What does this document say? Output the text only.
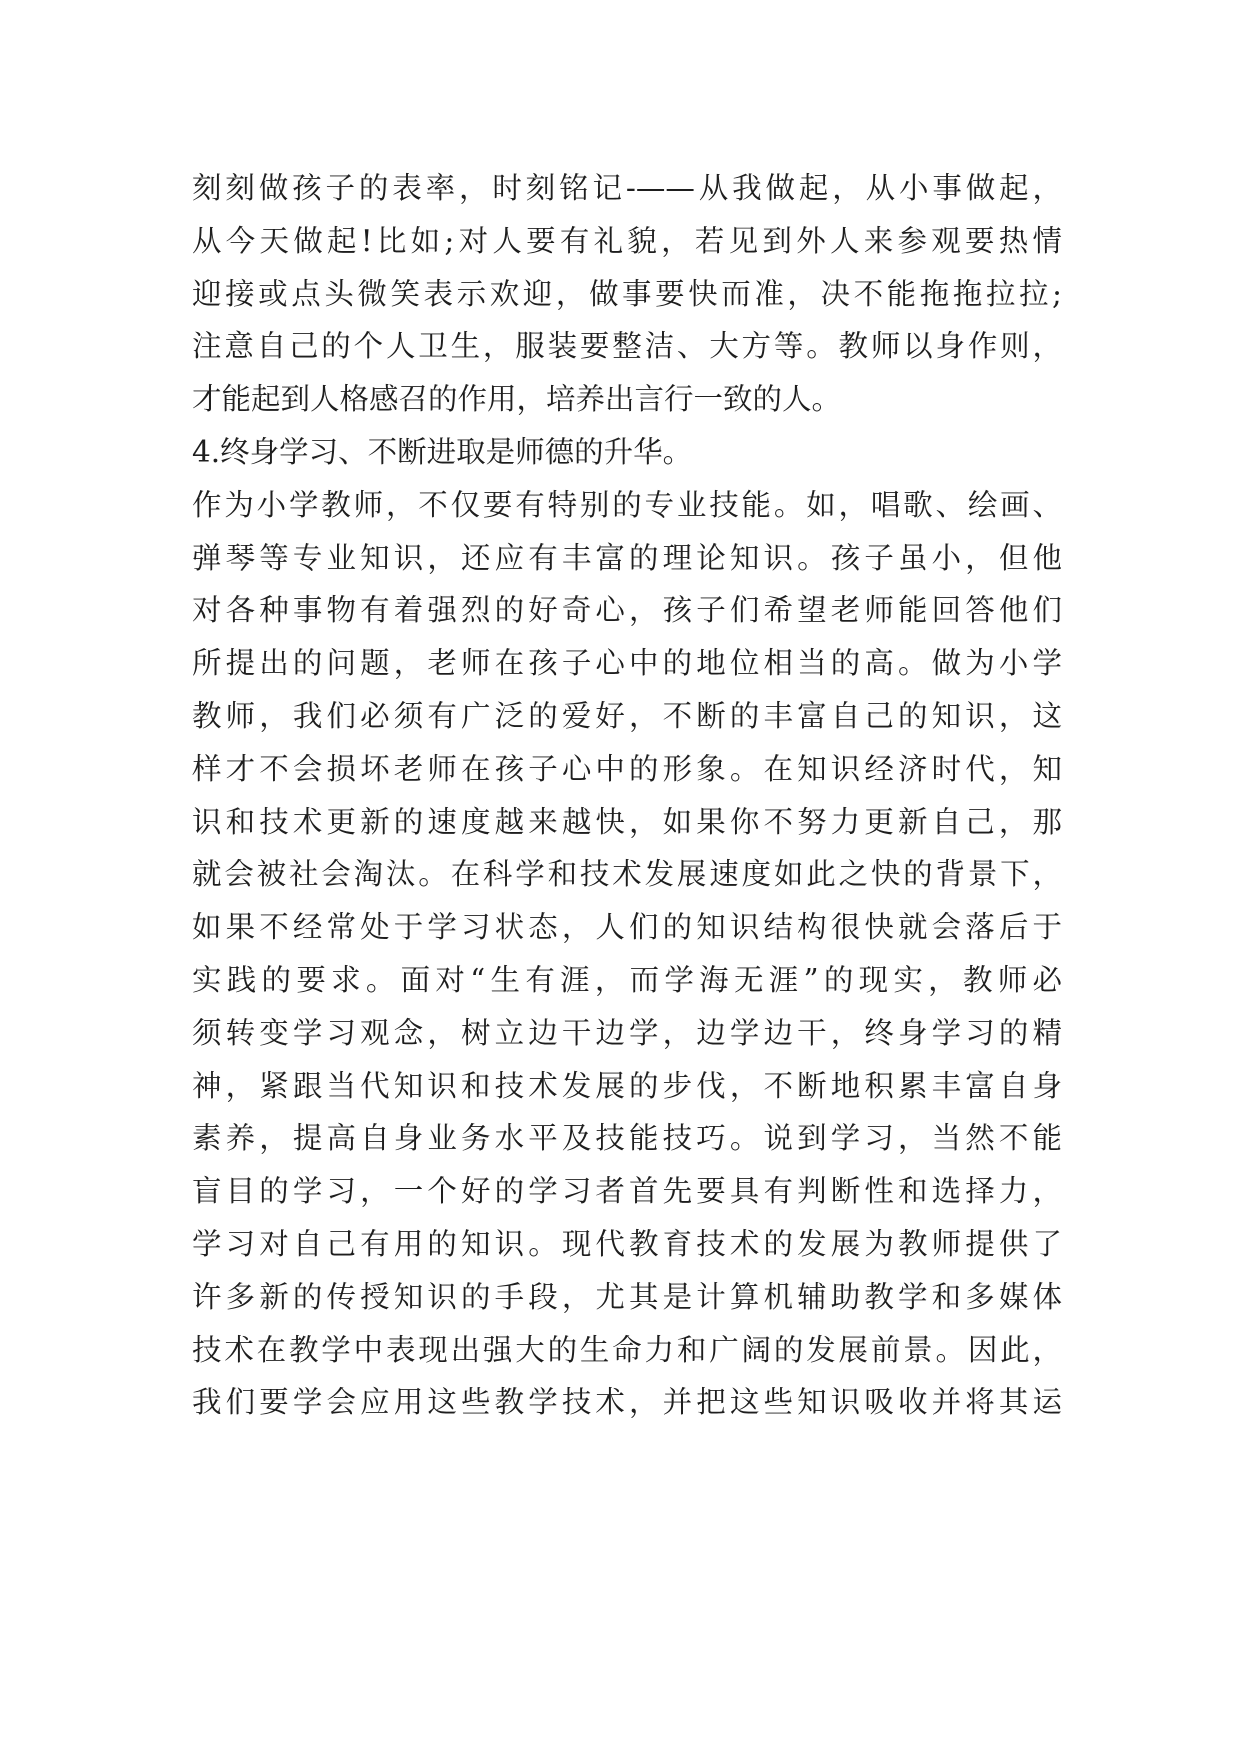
刻刻做孩子的表率，时刻铭记-——从我做起，从小事做起，
从今天做起!比如;对人要有礼貌，若见到外人来参观要热情
迎接或点头微笑表示欢迎，做事要快而准，决不能拖拖拉拉;
注意自己的个人卫生，服装要整洁、大方等。教师以身作则，
才能起到人格感召的作用，培养出言行一致的人。
4.终身学习、不断进取是师德的升华。
作为小学教师，不仅要有特别的专业技能。如，唱歌、绘画、
弹琴等专业知识，还应有丰富的理论知识。孩子虽小，但他
对各种事物有着强烈的好奇心，孩子们希望老师能回答他们
所提出的问题，老师在孩子心中的地位相当的高。做为小学
教师，我们必须有广泛的爱好，不断的丰富自己的知识，这
样才不会损坏老师在孩子心中的形象。在知识经济时代，知
识和技术更新的速度越来越快，如果你不努力更新自己，那
就会被社会淘汰。在科学和技术发展速度如此之快的背景下，
如果不经常处于学习状态，人们的知识结构很快就会落后于
实践的要求。面对“生有涯，而学海无涯”的现实，教师必
须转变学习观念，树立边干边学，边学边干，终身学习的精
神，紧跟当代知识和技术发展的步伐，不断地积累丰富自身
素养，提高自身业务水平及技能技巧。说到学习，当然不能
盲目的学习，一个好的学习者首先要具有判断性和选择力，
学习对自己有用的知识。现代教育技术的发展为教师提供了
许多新的传授知识的手段，尤其是计算机辅助教学和多媒体
技术在教学中表现出强大的生命力和广阔的发展前景。因此，
我们要学会应用这些教学技术，并把这些知识吸收并将其运
